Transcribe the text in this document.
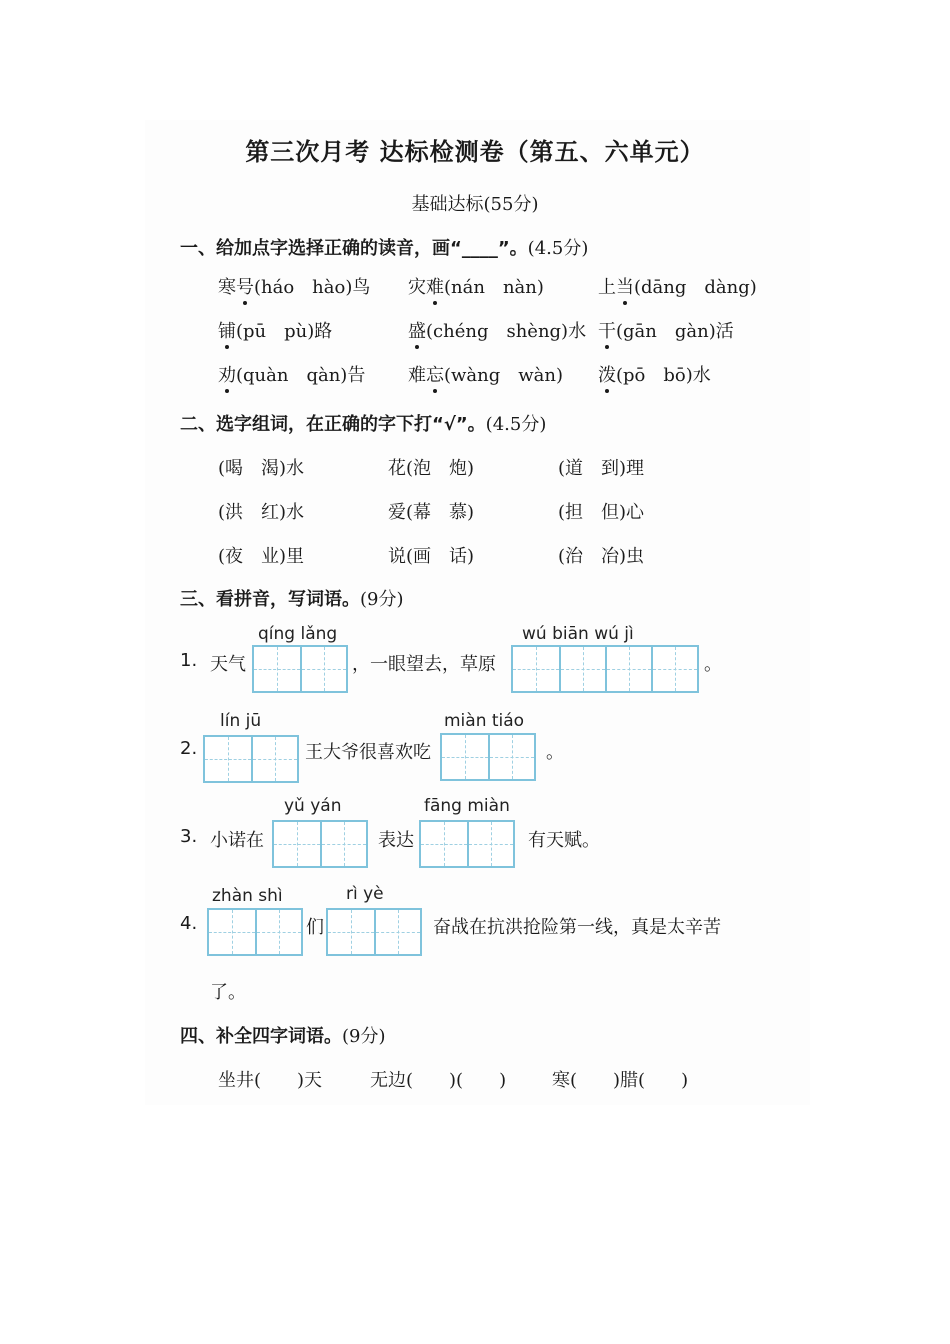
第三次月考 达标检测卷（第五、六单元）
基础达标(55分)
一、给加点字选择正确的读音，画“____”。(4.5分)
寒号(háo　hào)鸟 灾难(nán　nàn)	上当(dāng　dàng)
铺(pū　pù)路	盛(chéng　shèng)水 干(gān　gàn)活
劝(quàn　qàn)告 难忘(wàng　wàn) 泼(pō　bō)水
二、选字组词，在正确的字下打“√”。(4.5分)
(喝　渴)水	花(泡　炮)	(道　到)理
(洪　红)水	爱(幕　慕)	(担　但)心
(夜　业)里	说(画　话)	(治　冶)虫
三、看拼音，写词语。(9分)
qíng lǎng	wú biān wú jì
1. 天气	，一眼望去，草原	。
lín jū	miàn tiáo
2.	王大爷很喜欢吃	。
yǔ yán	fāng miàn
3. 小诺在	表达	有天赋。
zhàn shì	rì yè
4.	们	奋战在抗洪抢险第一线，真是太辛苦
了。
四、补全四字词语。(9分)
坐井(　　)天	无边(　　)(　　)	寒(　　)腊(　　)
